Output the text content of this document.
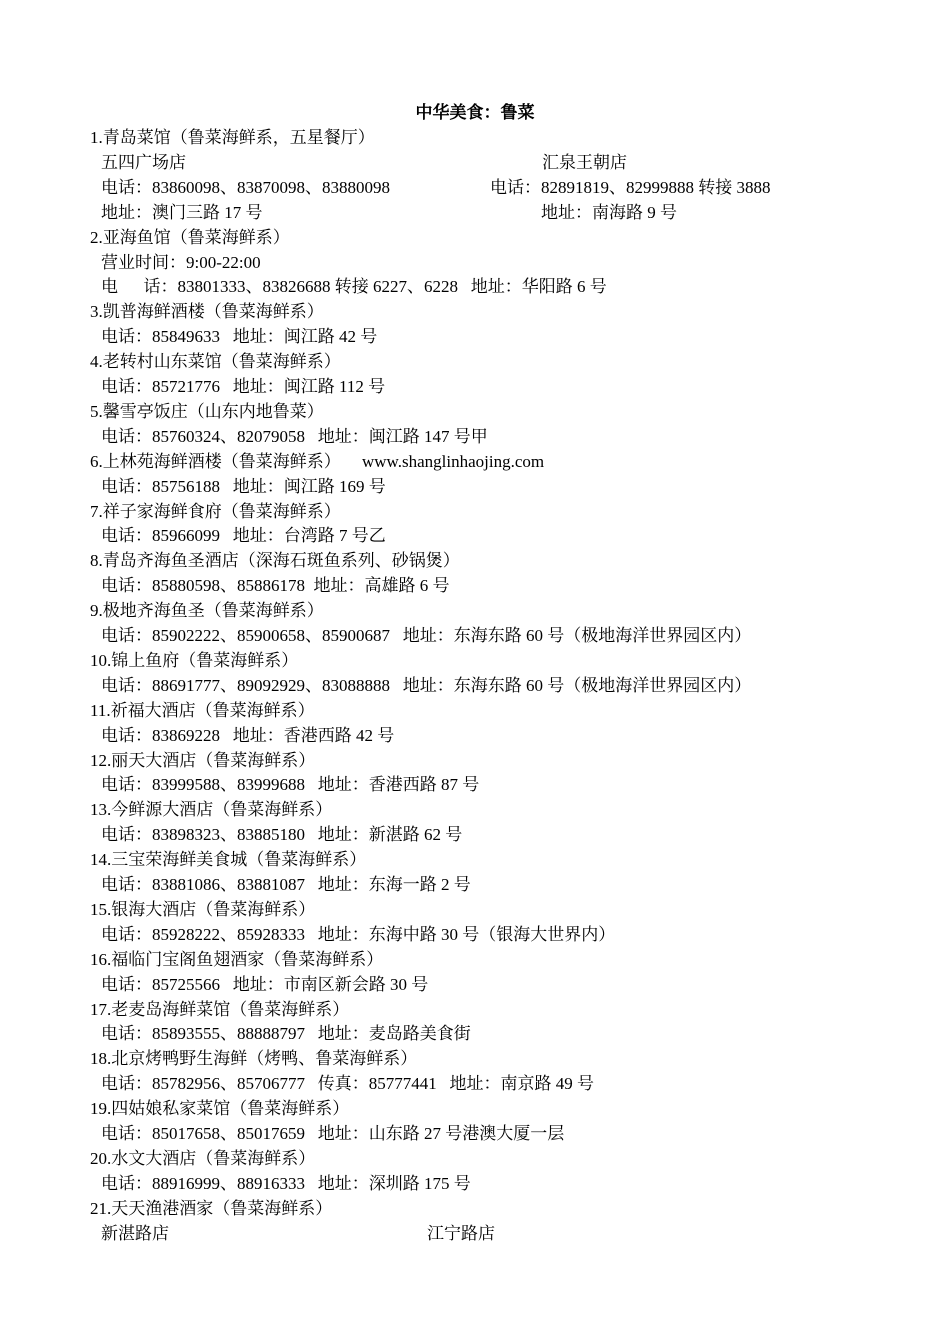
中华美食：鲁菜
1.青岛菜馆（鲁菜海鲜系，五星餐厅）
五四广场店	汇泉王朝店
电话：83860098、83870098、83880098	电话：82891819、82999888 转接 3888
地址：澳门三路 17 号	地址：南海路 9 号
2.亚海鱼馆（鲁菜海鲜系）
营业时间：9:00-22:00
电      话：83801333、83826688 转接 6227、6228   地址：华阳路 6 号
3.凯普海鲜酒楼（鲁菜海鲜系）
电话：85849633   地址：闽江路 42 号
4.老转村山东菜馆（鲁菜海鲜系）
电话：85721776   地址：闽江路 112 号
5.馨雪亭饭庄（山东内地鲁菜）
电话：85760324、82079058   地址：闽江路 147 号甲
6.上林苑海鲜酒楼（鲁菜海鲜系）     www.shanglinhaojing.com
电话：85756188   地址：闽江路 169 号
7.祥子家海鲜食府（鲁菜海鲜系）
电话：85966099   地址：台湾路 7 号乙
8.青岛齐海鱼圣酒店（深海石斑鱼系列、砂锅煲）
电话：85880598、85886178  地址：高雄路 6 号
9.极地齐海鱼圣（鲁菜海鲜系）
电话：85902222、85900658、85900687   地址：东海东路 60 号（极地海洋世界园区内）
10.锦上鱼府（鲁菜海鲜系）
电话：88691777、89092929、83088888   地址：东海东路 60 号（极地海洋世界园区内）
11.祈福大酒店（鲁菜海鲜系）
电话：83869228   地址：香港西路 42 号
12.丽天大酒店（鲁菜海鲜系）
电话：83999588、83999688   地址：香港西路 87 号
13.今鲜源大酒店（鲁菜海鲜系）
电话：83898323、83885180   地址：新湛路 62 号
14.三宝荣海鲜美食城（鲁菜海鲜系）
电话：83881086、83881087   地址：东海一路 2 号
15.银海大酒店（鲁菜海鲜系）
电话：85928222、85928333   地址：东海中路 30 号（银海大世界内）
16.福临门宝阁鱼翅酒家（鲁菜海鲜系）
电话：85725566   地址：市南区新会路 30 号
17.老麦岛海鲜菜馆（鲁菜海鲜系）
电话：85893555、88888797   地址：麦岛路美食街
18.北京烤鸭野生海鲜（烤鸭、鲁菜海鲜系）
电话：85782956、85706777   传真：85777441   地址：南京路 49 号
19.四姑娘私家菜馆（鲁菜海鲜系）
电话：85017658、85017659   地址：山东路 27 号港澳大厦一层
20.水文大酒店（鲁菜海鲜系）
电话：88916999、88916333   地址：深圳路 175 号
21.天天渔港酒家（鲁菜海鲜系）
新湛路店	江宁路店
